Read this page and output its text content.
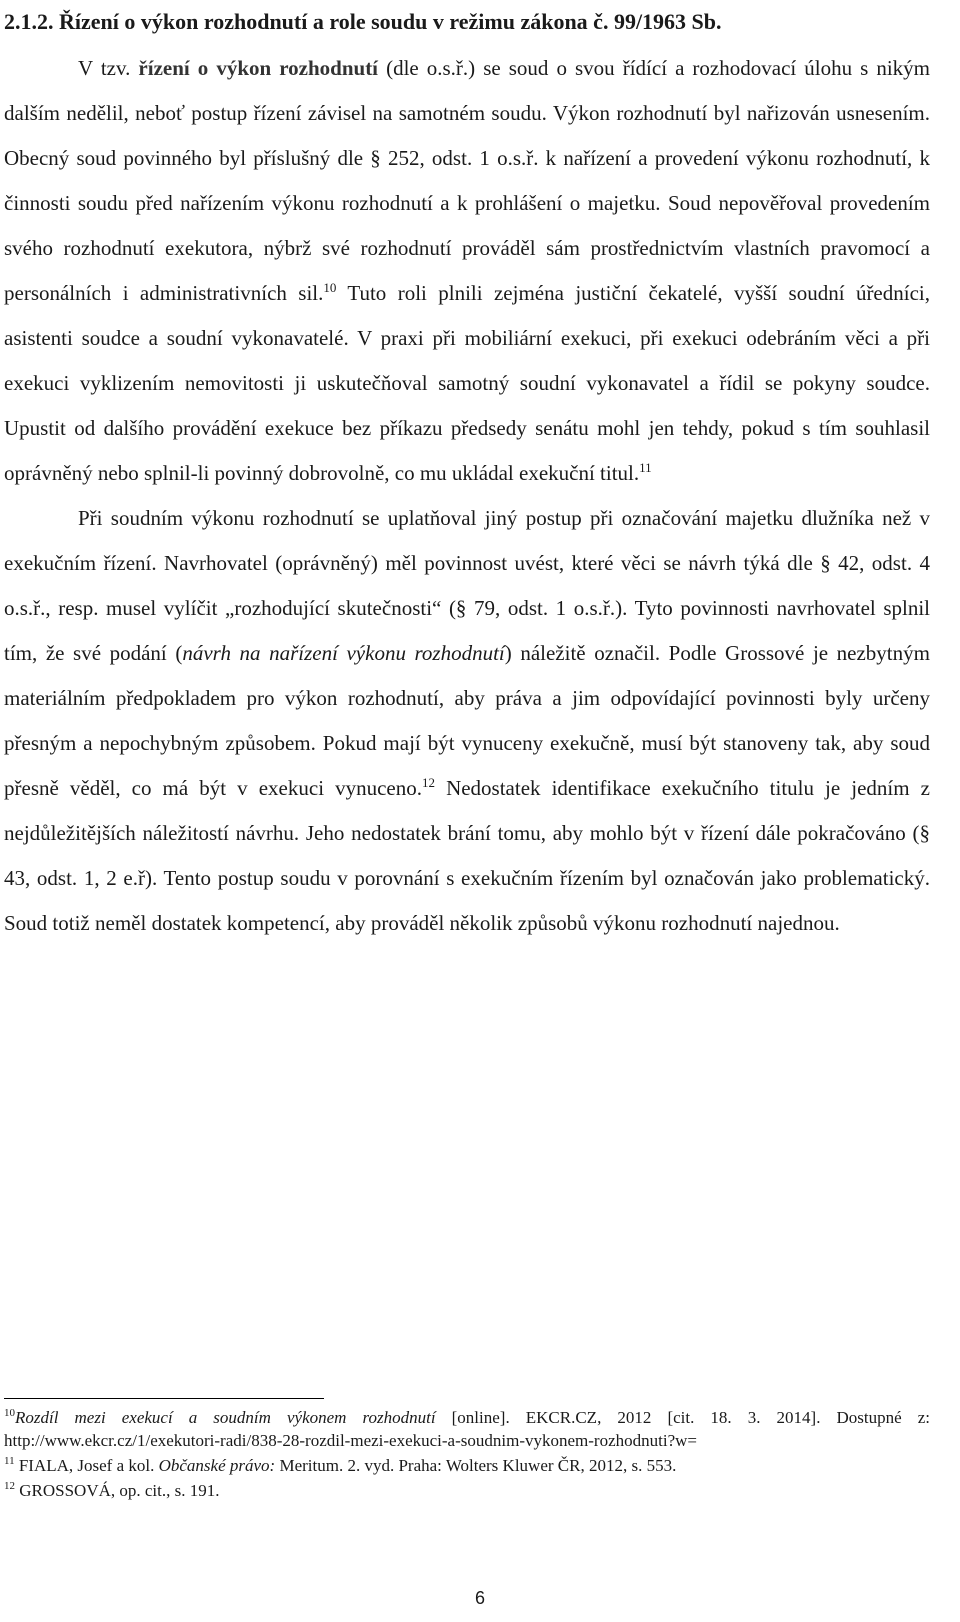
2.1.2. Řízení o výkon rozhodnutí a role soudu v režimu zákona č. 99/1963 Sb.

V tzv. řízení o výkon rozhodnutí (dle o.s.ř.) se soud o svou řídící a rozhodovací úlohu s nikým dalším nedělil, neboť postup řízení závisel na samotném soudu. Výkon rozhodnutí byl nařizován usnesením. Obecný soud povinného byl příslušný dle § 252, odst. 1 o.s.ř. k nařízení a provedení výkonu rozhodnutí, k činnosti soudu před nařízením výkonu rozhodnutí a k prohlášení o majetku. Soud nepověřoval provedením svého rozhodnutí exekutora, nýbrž své rozhodnutí prováděl sám prostřednictvím vlastních pravomocí a personálních i administrativních sil.$^{10}$ Tuto roli plnili zejména justiční čekatelé, vyšší soudní úředníci, asistenti soudce a soudní vykonavatelé. V praxi při mobiliární exekuci, při exekuci odebráním věci a při exekuci vyklizením nemovitosti ji uskutečňoval samotný soudní vykonavatel a řídil se pokyny soudce. Upustit od dalšího provádění exekuce bez příkazu předsedy senátu mohl jen tehdy, pokud s tím souhlasil oprávněný nebo splnil-li povinný dobrovolně, co mu ukládal exekuční titul.$^{11}$

Při soudním výkonu rozhodnutí se uplatňoval jiný postup při označování majetku dlužníka než v exekučním řízení. Navrhovatel (oprávněný) měl povinnost uvést, které věci se návrh týká dle § 42, odst. 4 o.s.ř., resp. musel vylíčit „rozhodující skutečnosti“ (§ 79, odst. 1 o.s.ř.). Tyto povinnosti navrhovatel splnil tím, že své podání (návrh na nařízení výkonu rozhodnutí) náležitě označil. Podle Grossové je nezbytným materiálním předpokladem pro výkon rozhodnutí, aby práva a jim odpovídající povinnosti byly určeny přesným a nepochybným způsobem. Pokud mají být vynuceny exekučně, musí být stanoveny tak, aby soud přesně věděl, co má být v exekuci vynuceno.$^{12}$ Nedostatek identifikace exekučního titulu je jedním z nejdůležitějších náležitostí návrhu. Jeho nedostatek brání tomu, aby mohlo být v řízení dále pokračováno (§ 43, odst. 1, 2 e.ř). Tento postup soudu v porovnání s exekučním řízením byl označován jako problematický. Soud totiž neměl dostatek kompetencí, aby prováděl několik způsobů výkonu rozhodnutí najednou.

$^{10}$Rozdíl mezi exekucí a soudním výkonem rozhodnutí [online]. EKCR.CZ, 2012 [cit. 18. 3. 2014]. Dostupné z: http://www.ekcr.cz/1/exekutori-radi/838-28-rozdil-mezi-exekuci-a-soudnim-vykonem-rozhodnuti?w=

$^{11}$ FIALA, Josef a kol. Občanské právo: Meritum. 2. vyd. Praha: Wolters Kluwer ČR, 2012, s. 553.

$^{12}$ GROSSOVÁ, op. cit., s. 191.

6
